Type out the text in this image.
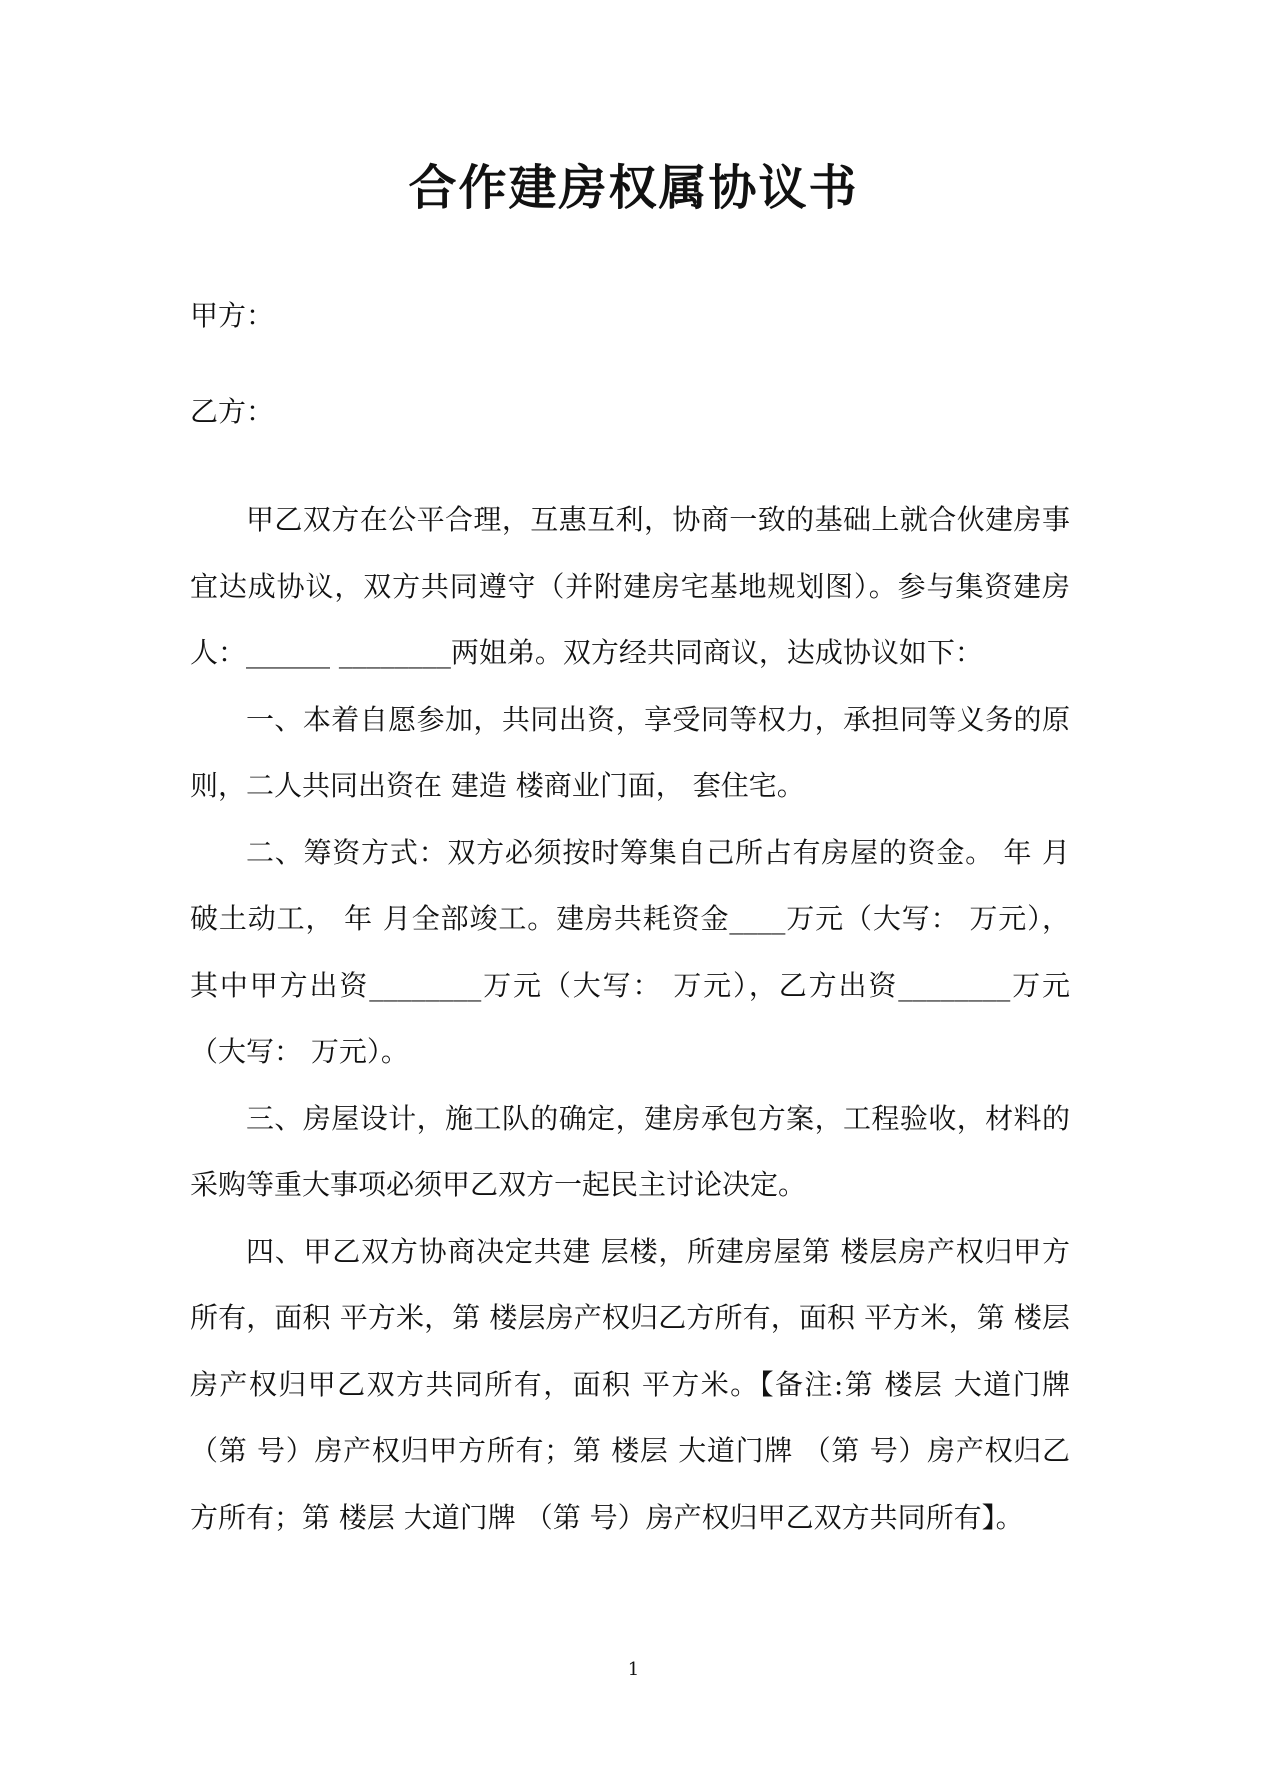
合作建房权属协议书
甲方：
乙方：

甲乙双方在公平合理，互惠互利，协商一致的基础上就合伙建房事宜达成协议，双方共同遵守（并附建房宅基地规划图）。参与集资建房人：______ ________两姐弟。双方经共同商议，达成协议如下：

一、本着自愿参加，共同出资，享受同等权力，承担同等义务的原则，二人共同出资在 建造 楼商业门面， 套住宅。

二、筹资方式：双方必须按时筹集自己所占有房屋的资金。 年 月破土动工， 年 月全部竣工。建房共耗资金____万元（大写： 万元），其中甲方出资________万元（大写： 万元），乙方出资________万元（大写： 万元）。

三、房屋设计，施工队的确定，建房承包方案，工程验收，材料的采购等重大事项必须甲乙双方一起民主讨论决定。

四、甲乙双方协商决定共建 层楼，所建房屋第 楼层房产权归甲方所有，面积 平方米，第 楼层房产权归乙方所有，面积 平方米，第 楼层房产权归甲乙双方共同所有，面积 平方米。【备注:第 楼层 大道门牌 （第 号）房产权归甲方所有；第 楼层 大道门牌 （第 号）房产权归乙方所有；第 楼层 大道门牌 （第 号）房产权归甲乙双方共同所有】。

1
